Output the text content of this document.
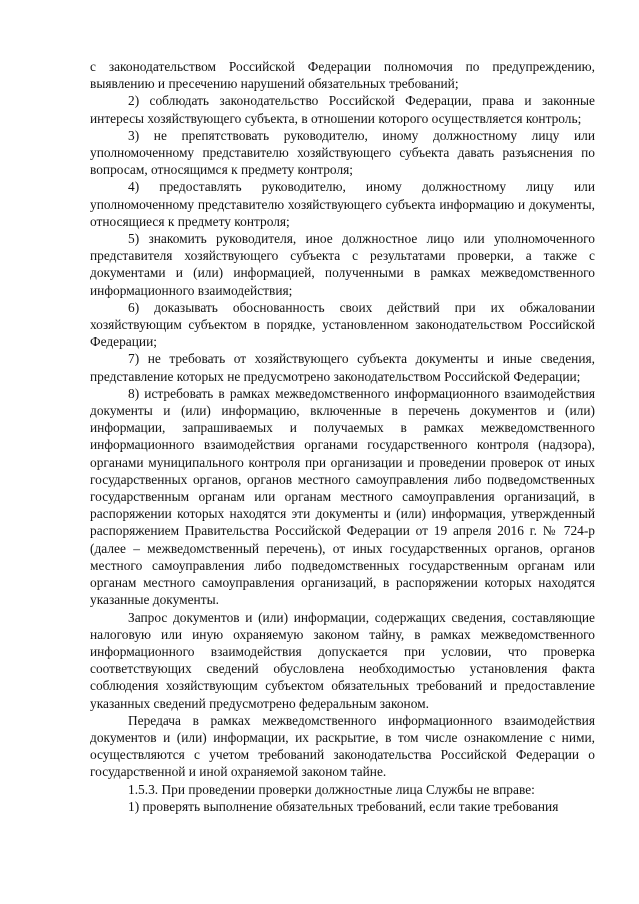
с законодательством Российской Федерации полномочия по предупреждению, выявлению и пресечению нарушений обязательных требований;

2) соблюдать законодательство Российской Федерации, права и законные интересы хозяйствующего субъекта, в отношении которого осуществляется контроль;

3) не препятствовать руководителю, иному должностному лицу или уполномоченному представителю хозяйствующего субъекта давать разъяснения по вопросам, относящимся к предмету контроля;

4) предоставлять руководителю, иному должностному лицу или уполномоченному представителю хозяйствующего субъекта информацию и документы, относящиеся к предмету контроля;

5) знакомить руководителя, иное должностное лицо или уполномоченного представителя хозяйствующего субъекта с результатами проверки, а также с документами и (или) информацией, полученными в рамках межведомственного информационного взаимодействия;

6) доказывать обоснованность своих действий при их обжаловании хозяйствующим субъектом в порядке, установленном законодательством Российской Федерации;

7) не требовать от хозяйствующего субъекта документы и иные сведения, представление которых не предусмотрено законодательством Российской Федерации;

8) истребовать в рамках межведомственного информационного взаимодействия документы и (или) информацию, включенные в перечень документов и (или) информации, запрашиваемых и получаемых в рамках межведомственного информационного взаимодействия органами государственного контроля (надзора), органами муниципального контроля при организации и проведении проверок от иных государственных органов, органов местного самоуправления либо подведомственных государственным органам или органам местного самоуправления организаций, в распоряжении которых находятся эти документы и (или) информация, утвержденный распоряжением Правительства Российской Федерации от 19 апреля 2016 г. № 724-р (далее – межведомственный перечень), от иных государственных органов, органов местного самоуправления либо подведомственных государственным органам или органам местного самоуправления организаций, в распоряжении которых находятся указанные документы.

Запрос документов и (или) информации, содержащих сведения, составляющие налоговую или иную охраняемую законом тайну, в рамках межведомственного информационного взаимодействия допускается при условии, что проверка соответствующих сведений обусловлена необходимостью установления факта соблюдения хозяйствующим субъектом обязательных требований и предоставление указанных сведений предусмотрено федеральным законом.

Передача в рамках межведомственного информационного взаимодействия документов и (или) информации, их раскрытие, в том числе ознакомление с ними, осуществляются с учетом требований законодательства Российской Федерации о государственной и иной охраняемой законом тайне.

1.5.3. При проведении проверки должностные лица Службы не вправе:

1) проверять выполнение обязательных требований, если такие требования
